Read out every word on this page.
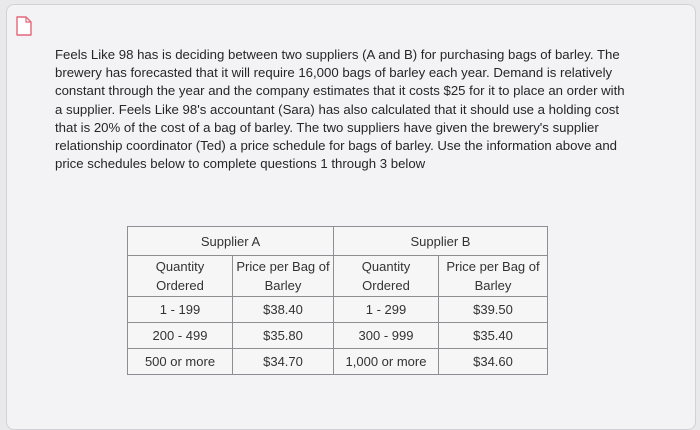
Feels Like 98 has is deciding between two suppliers (A and B) for purchasing bags of barley. The brewery has forecasted that it will require 16,000 bags of barley each year. Demand is relatively constant through the year and the company estimates that it costs $25 for it to place an order with a supplier. Feels Like 98's accountant (Sara) has also calculated that it should use a holding cost that is 20% of the cost of a bag of barley. The two suppliers have given the brewery's supplier relationship coordinator (Ted) a price schedule for bags of barley. Use the information above and price schedules below to complete questions 1 through 3 below
Supplier A		Supplier B	
Quantity Ordered	Price per Bag of Barley	Quantity Ordered	Price per Bag of Barley
1 - 199	$38.40	1 - 299	$39.50
200 - 499	$35.80	300 - 999	$35.40
500 or more	$34.70	1,000 or more	$34.60
